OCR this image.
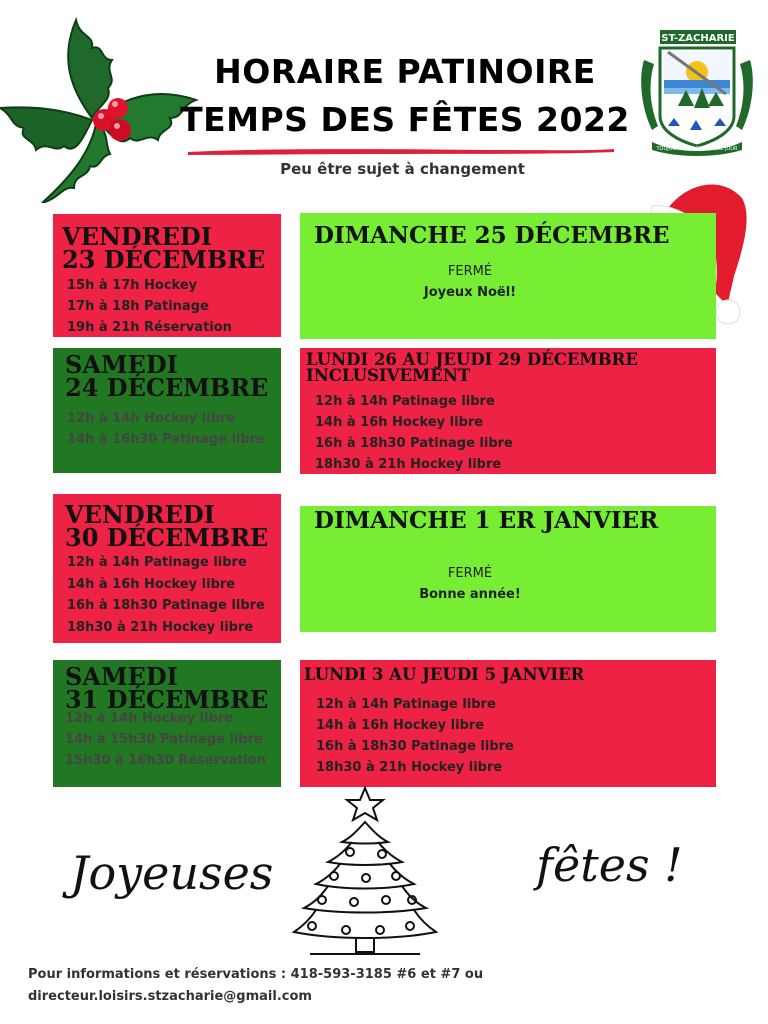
HORAIRE PATINOIRE
TEMPS DES FÊTES 2022
Peu être sujet à changement
ST-ZACHARIE
TOUJOURS MIEUX CHAQUE JOUR
VENDREDI
23 DÉCEMBRE
15h à 17h Hockey
17h à 18h Patinage
19h à 21h Réservation
DIMANCHE 25 DÉCEMBRE
FERMÉ
Joyeux Noël!
SAMEDI
24 DÉCEMBRE
12h à 14h Hockey libre
14h à 16h30 Patinage libre
LUNDI 26 AU JEUDI 29 DÉCEMBRE
INCLUSIVEMENT
12h à 14h Patinage libre
14h à 16h Hockey libre
16h à 18h30 Patinage libre
18h30 à 21h Hockey libre
VENDREDI
30 DÉCEMBRE
12h à 14h Patinage libre
14h à 16h Hockey libre
16h à 18h30 Patinage libre
18h30 à 21h Hockey libre
DIMANCHE 1 ER JANVIER
FERMÉ
Bonne année!
SAMEDI
31 DÉCEMBRE
12h à 14h Hockey libre
14h à 15h30 Patinage libre
15h30 à 16h30 Réservation
LUNDI 3 AU JEUDI 5 JANVIER
12h à 14h Patinage libre
14h à 16h Hockey libre
16h à 18h30 Patinage libre
18h30 à 21h Hockey libre
Joyeuses	fêtes !
Pour informations et réservations : 418-593-3185 #6 et #7 ou
directeur.loisirs.stzacharie@gmail.com
